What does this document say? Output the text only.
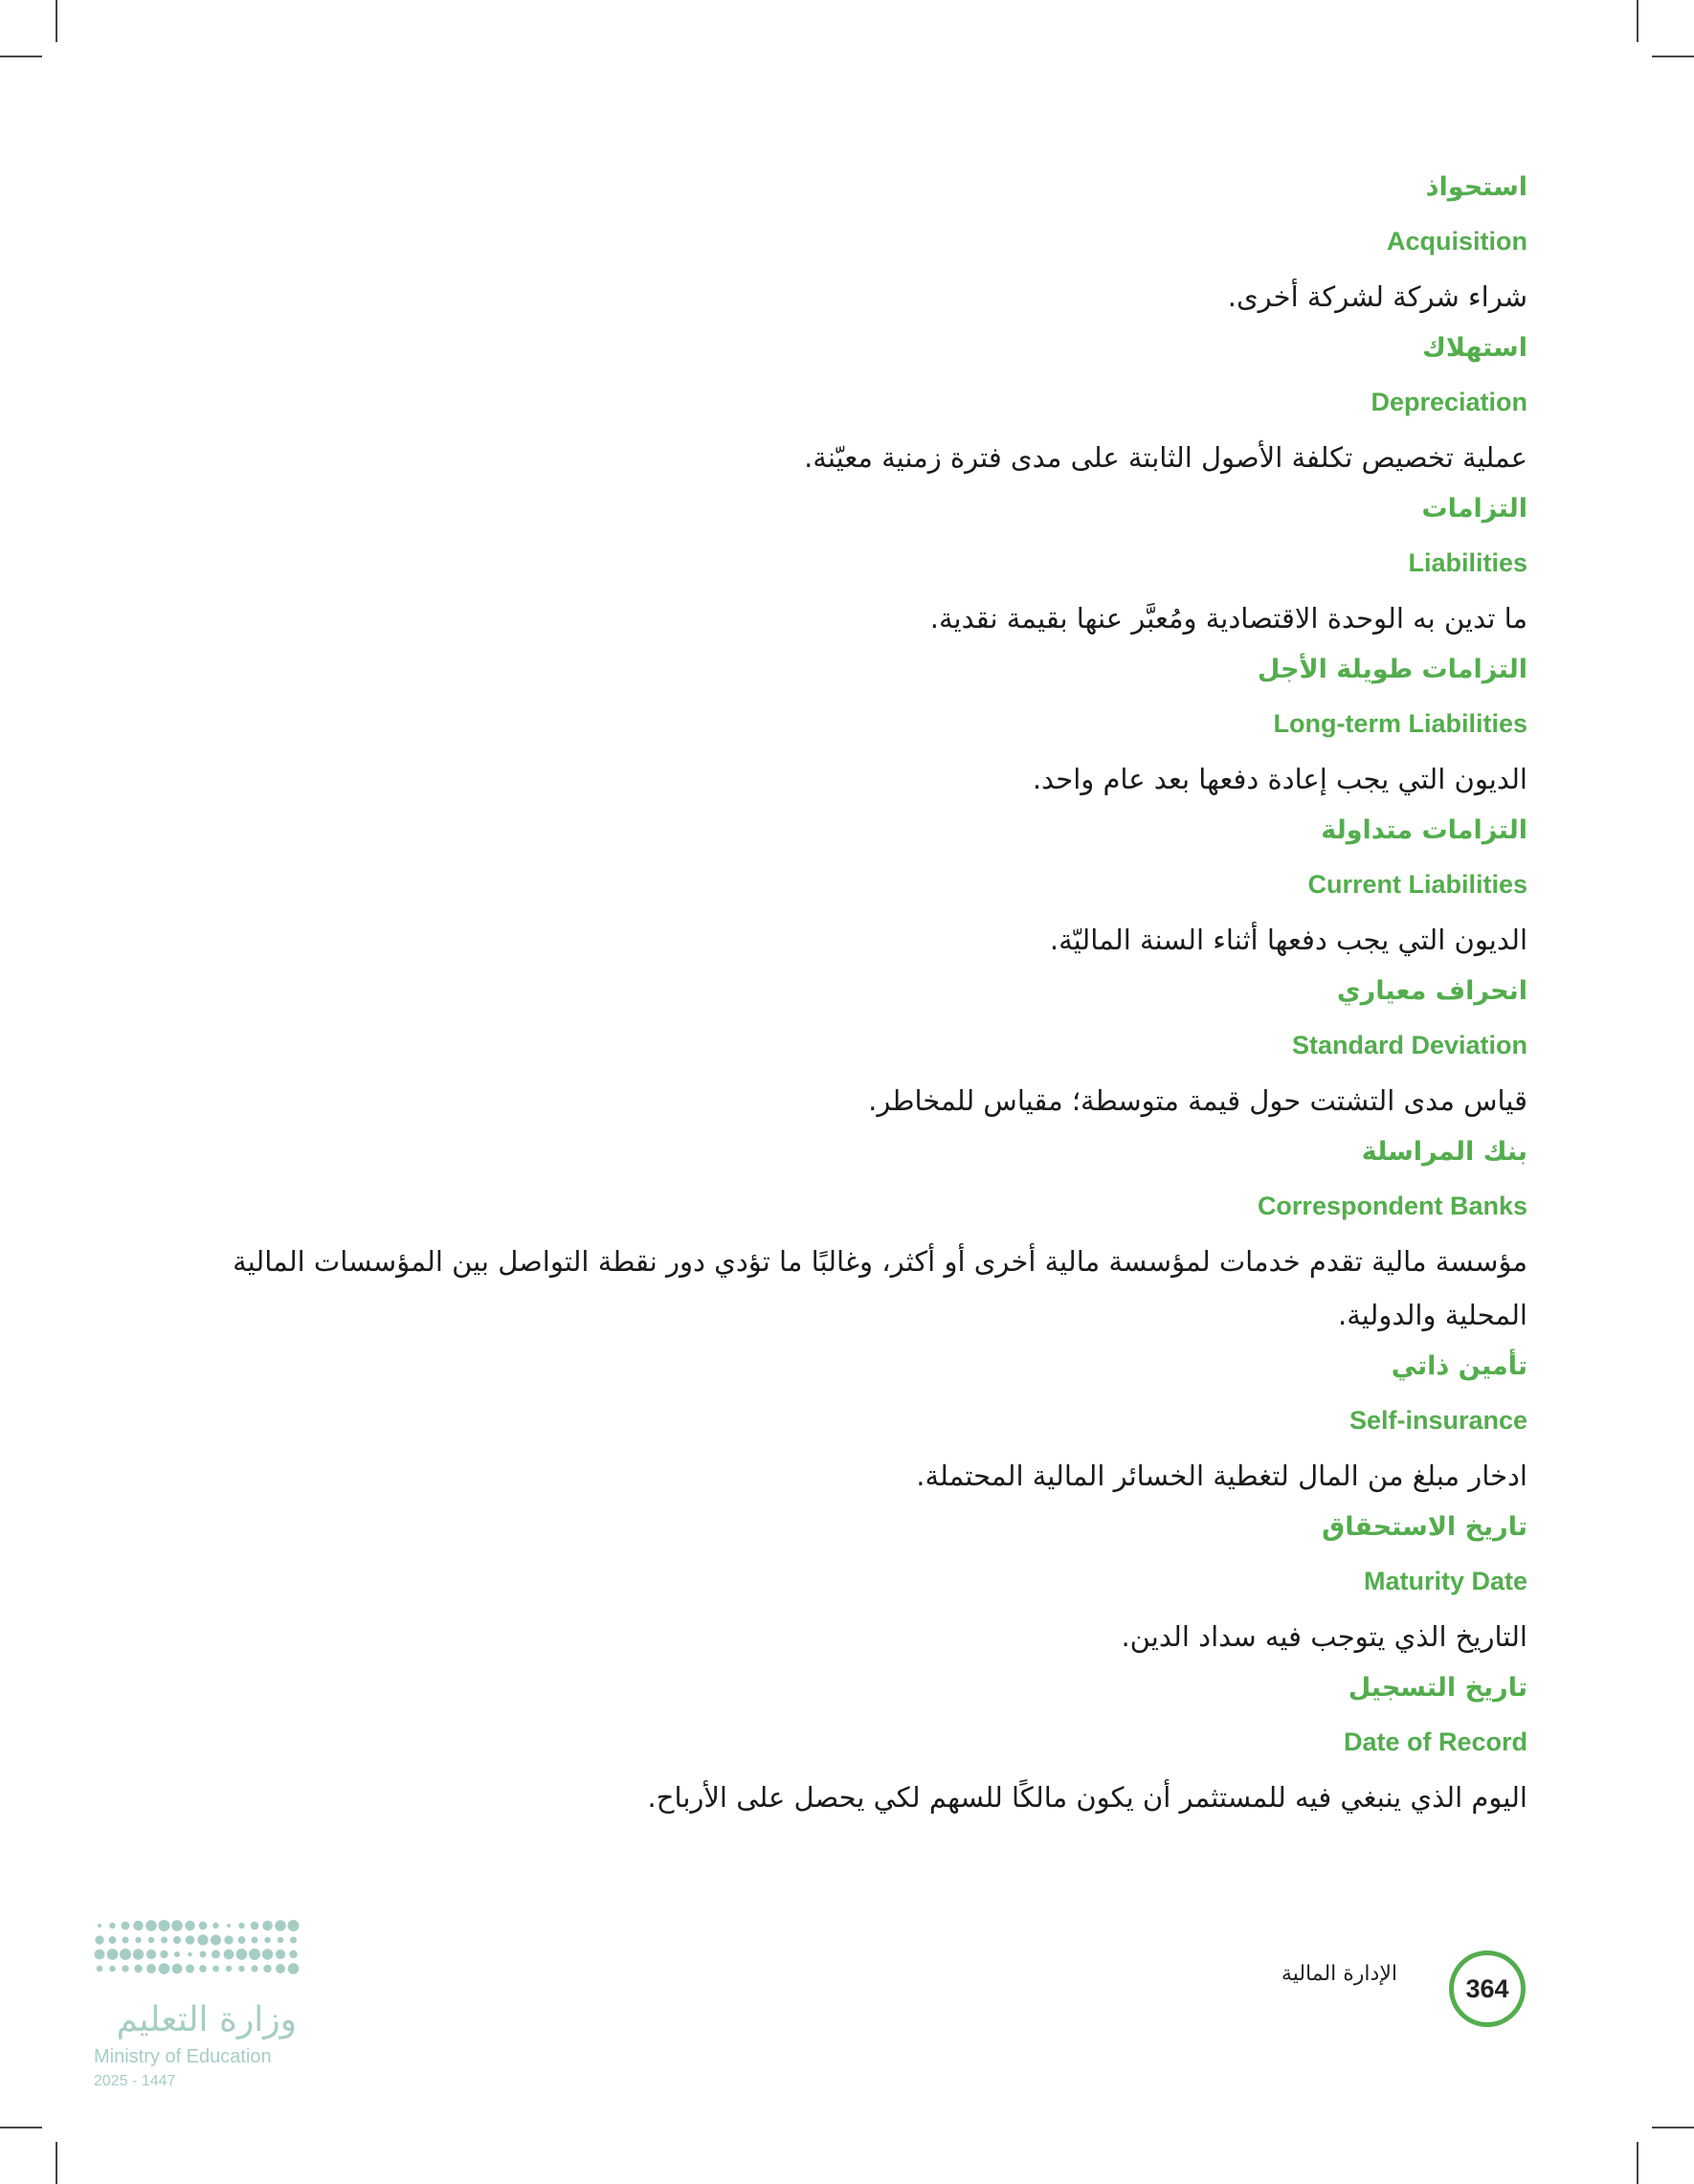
استحواذ
Acquisition
شراء شركة لشركة أخرى.
استهلاك
Depreciation
عملية تخصيص تكلفة الأصول الثابتة على مدى فترة زمنية معيّنة.
التزامات
Liabilities
ما تدين به الوحدة الاقتصادية ومُعبَّر عنها بقيمة نقدية.
التزامات طويلة الأجل
Long-term Liabilities
الديون التي يجب إعادة دفعها بعد عام واحد.
التزامات متداولة
Current Liabilities
الديون التي يجب دفعها أثناء السنة الماليّة.
انحراف معياري
Standard Deviation
قياس مدى التشتت حول قيمة متوسطة؛ مقياس للمخاطر.
بنك المراسلة
Correspondent Banks
مؤسسة مالية تقدم خدمات لمؤسسة مالية أخرى أو أكثر، وغالبًا ما تؤدي دور نقطة التواصل بين المؤسسات المالية المحلية والدولية.
تأمين ذاتي
Self-insurance
ادخار مبلغ من المال لتغطية الخسائر المالية المحتملة.
تاريخ الاستحقاق
Maturity Date
التاريخ الذي يتوجب فيه سداد الدين.
تاريخ التسجيل
Date of Record
اليوم الذي ينبغي فيه للمستثمر أن يكون مالكًا للسهم لكي يحصل على الأرباح.
364
الإدارة المالية
وزارة التعليم
Ministry of Education
2025 - 1447
